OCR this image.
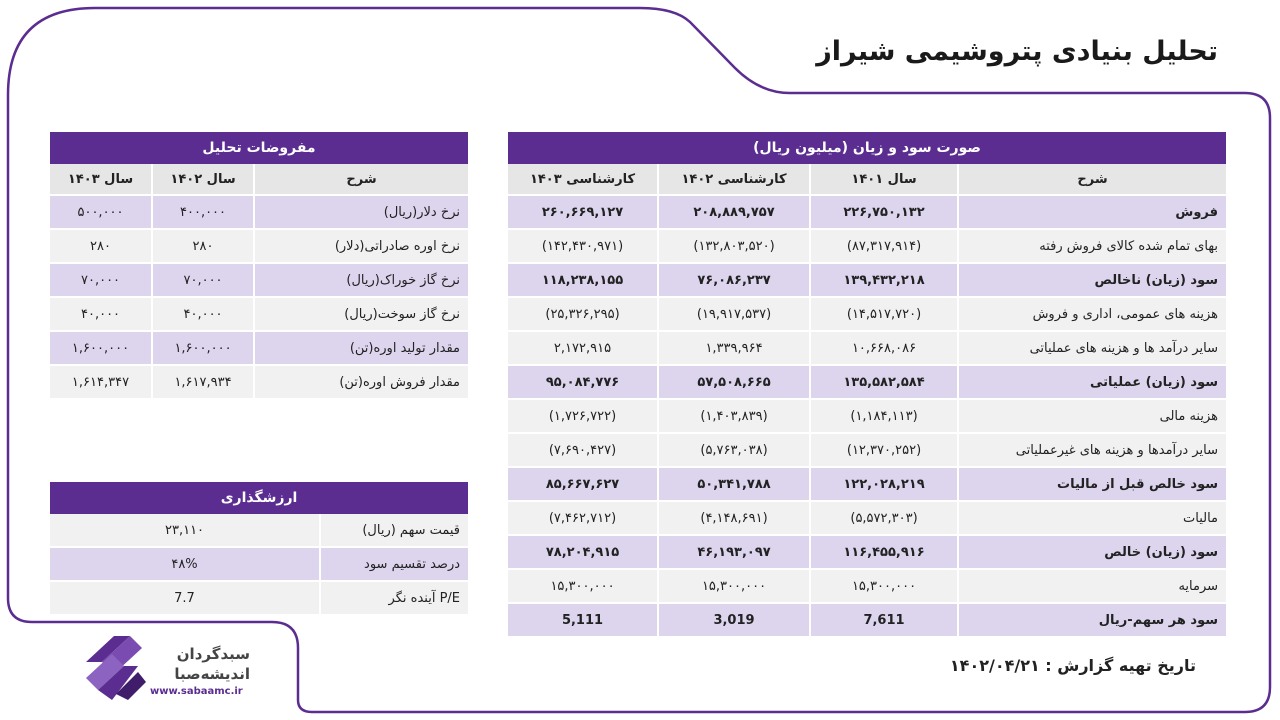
تحلیل بنیادی پتروشیمی شیراز
صورت سود و زیان (میلیون ریال)			
شرح	سال ۱۴۰۱	کارشناسی ۱۴۰۲	کارشناسی ۱۴۰۳
فروش	۲۲۶,۷۵۰,۱۳۲	۲۰۸,۸۸۹,۷۵۷	۲۶۰,۶۶۹,۱۲۷
بهای تمام شده کالای فروش رفته	(۸۷,۳۱۷,۹۱۴)	(۱۳۲,۸۰۳,۵۲۰)	(۱۴۲,۴۳۰,۹۷۱)
سود (زیان) ناخالص	۱۳۹,۴۳۲,۲۱۸	۷۶,۰۸۶,۲۳۷	۱۱۸,۲۳۸,۱۵۵
هزینه های عمومی، اداری و فروش	(۱۴,۵۱۷,۷۲۰)	(۱۹,۹۱۷,۵۳۷)	(۲۵,۳۲۶,۲۹۵)
سایر درآمد ها و هزینه های عملیاتی	۱۰,۶۶۸,۰۸۶	۱,۳۳۹,۹۶۴	۲,۱۷۲,۹۱۵
سود (زیان) عملیاتی	۱۳۵,۵۸۲,۵۸۴	۵۷,۵۰۸,۶۶۵	۹۵,۰۸۴,۷۷۶
هزینه مالی	(۱,۱۸۴,۱۱۳)	(۱,۴۰۳,۸۳۹)	(۱,۷۲۶,۷۲۲)
سایر درآمدها و هزینه های غیرعملیاتی	(۱۲,۳۷۰,۲۵۲)	(۵,۷۶۳,۰۳۸)	(۷,۶۹۰,۴۲۷)
سود خالص قبل از مالیات	۱۲۲,۰۲۸,۲۱۹	۵۰,۳۴۱,۷۸۸	۸۵,۶۶۷,۶۲۷
مالیات	(۵,۵۷۲,۳۰۳)	(۴,۱۴۸,۶۹۱)	(۷,۴۶۲,۷۱۲)
سود (زیان) خالص	۱۱۶,۴۵۵,۹۱۶	۴۶,۱۹۳,۰۹۷	۷۸,۲۰۴,۹۱۵
سرمایه	۱۵,۳۰۰,۰۰۰	۱۵,۳۰۰,۰۰۰	۱۵,۳۰۰,۰۰۰
سود هر سهم-ریال	7,611	3,019	5,111
مفروضات تحلیل		
شرح	سال ۱۴۰۲	سال ۱۴۰۳
نرخ دلار(ریال)	۴۰۰,۰۰۰	۵۰۰,۰۰۰
نرخ اوره صادراتی(دلار)	۲۸۰	۲۸۰
نرخ گاز خوراک(ریال)	۷۰,۰۰۰	۷۰,۰۰۰
نرخ گاز سوخت(ریال)	۴۰,۰۰۰	۴۰,۰۰۰
مقدار تولید اوره(تن)	۱,۶۰۰,۰۰۰	۱,۶۰۰,۰۰۰
مقدار فروش اوره(تن)	۱,۶۱۷,۹۳۴	۱,۶۱۴,۳۴۷
ارزشگذاری	
قیمت سهم (ریال)	۲۳,۱۱۰
درصد تقسیم سود	۴۸%
P/E آینده نگر	7.7
تاریخ تهیه گزارش : ۱۴۰۲/۰۴/۲۱
سبدگردان
اندیشه‌صبا
www.sabaamc.ir
